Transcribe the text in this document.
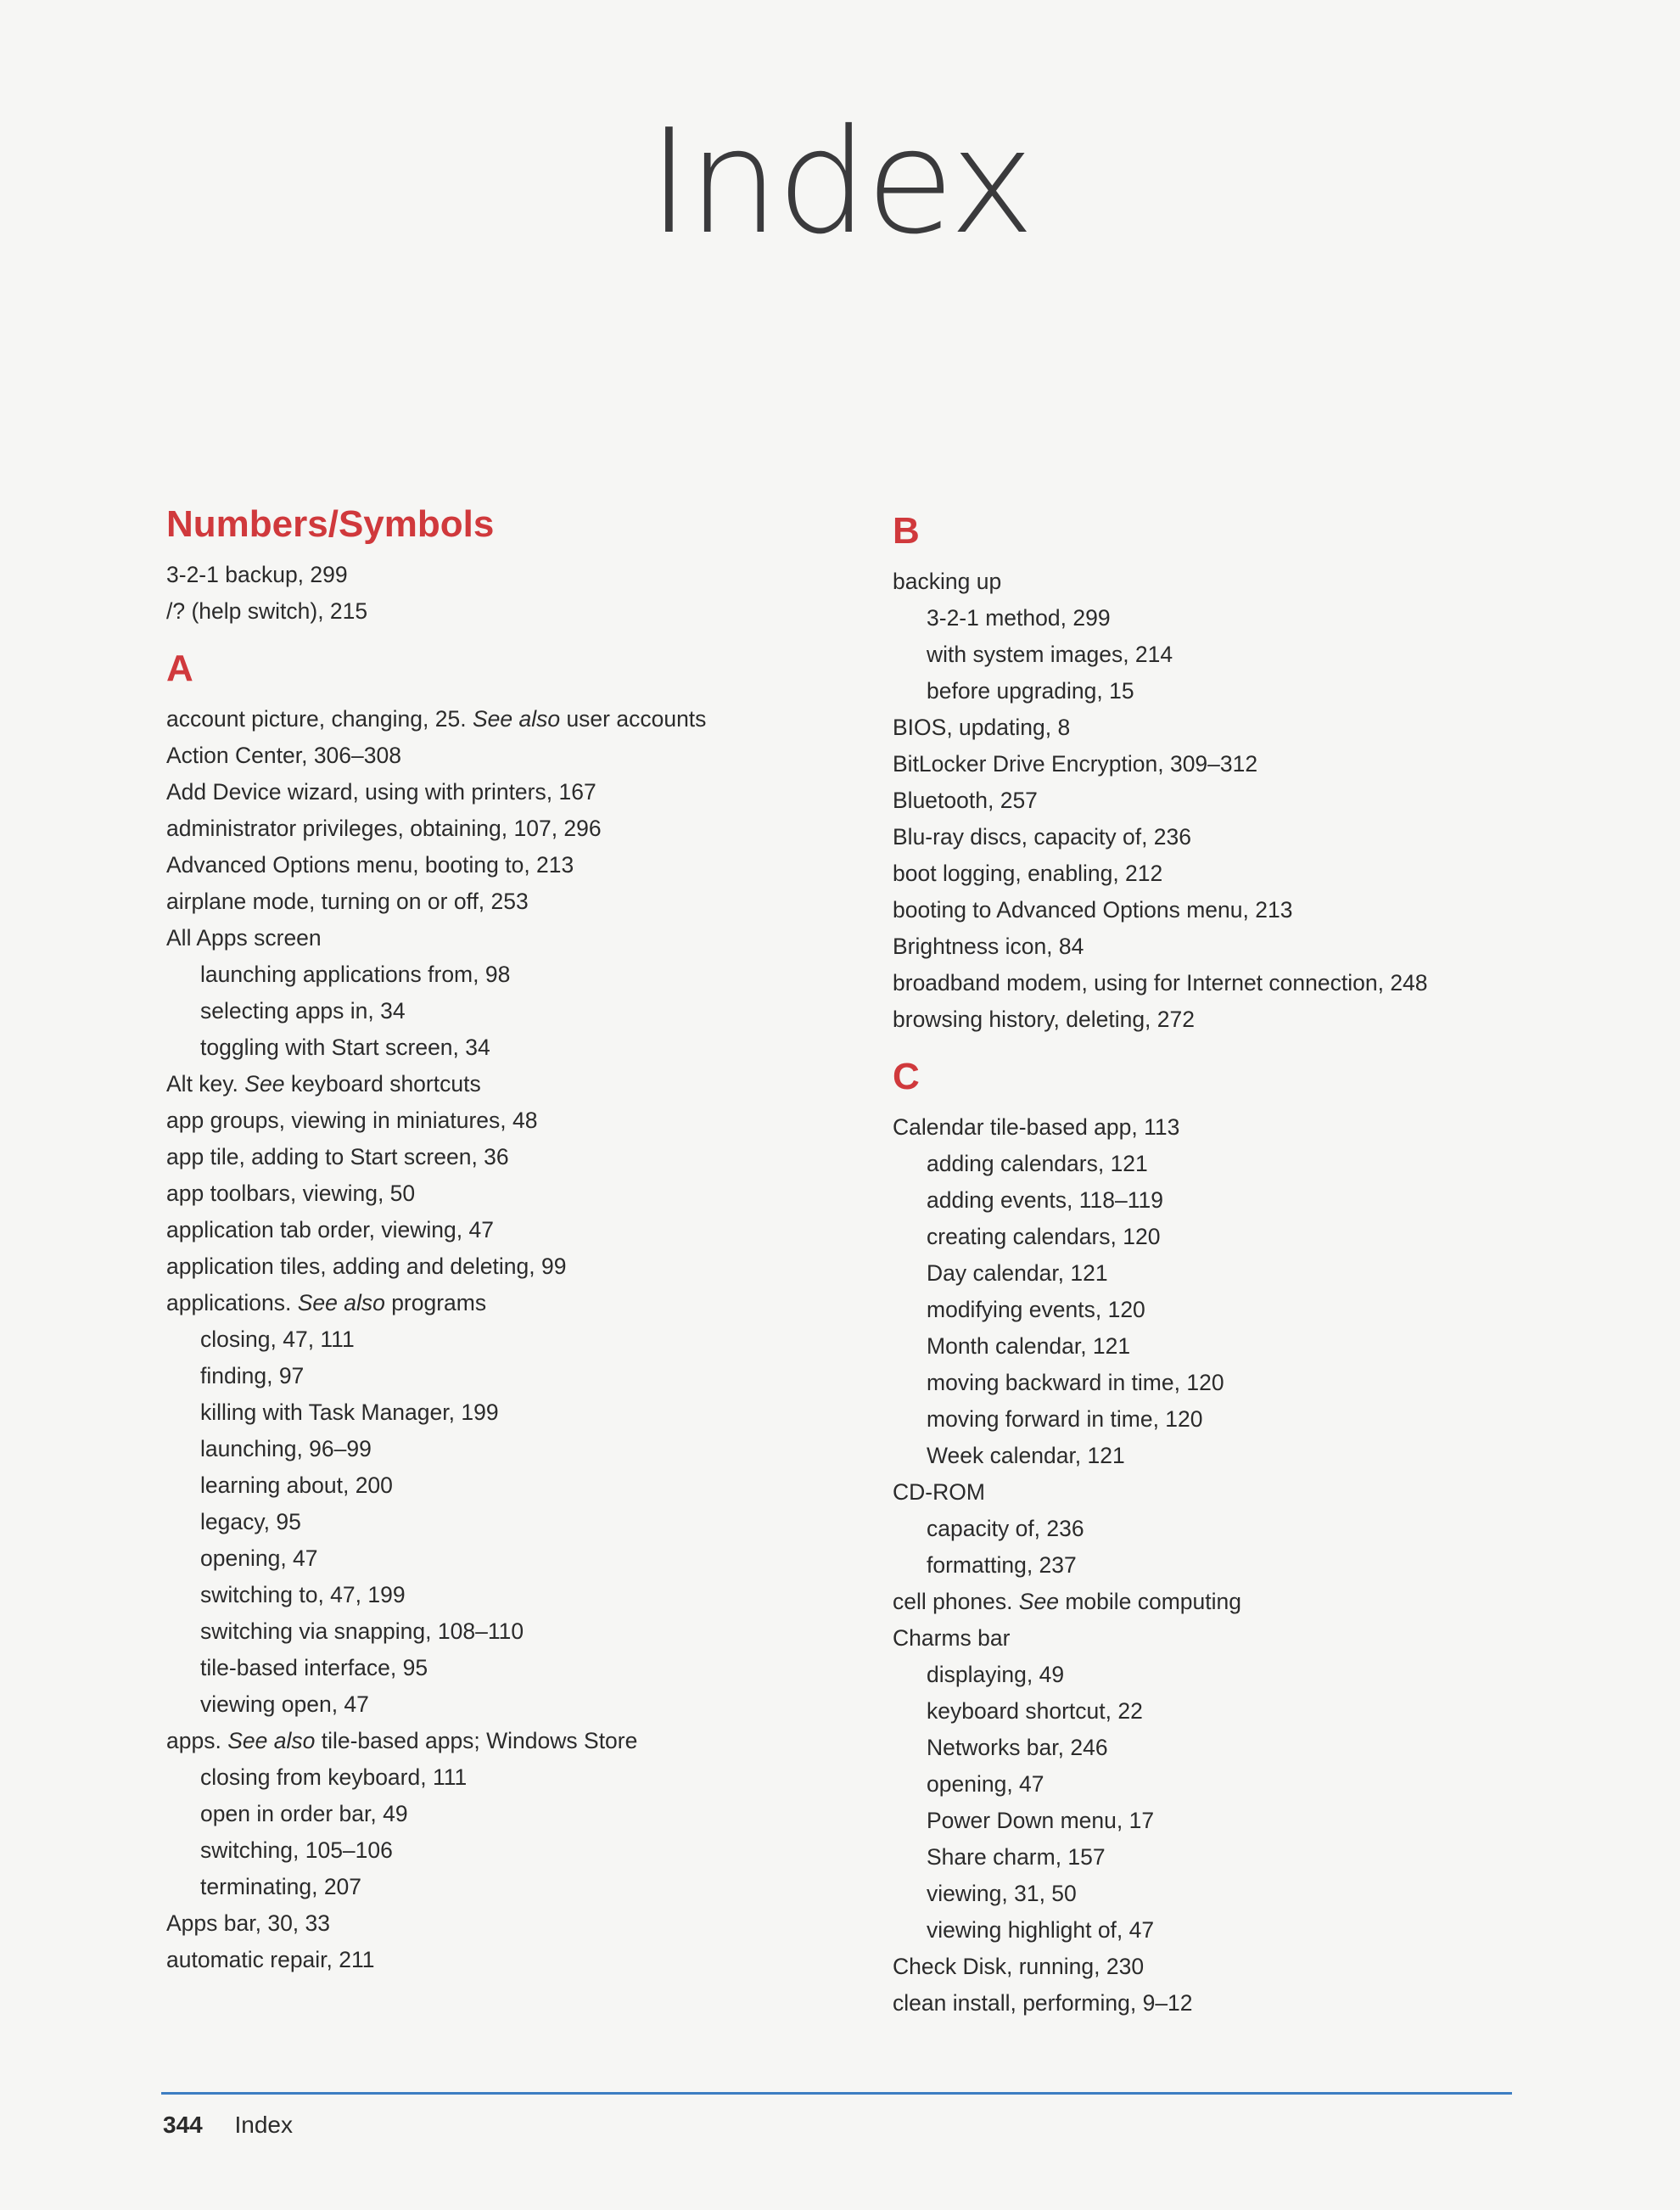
Index
Numbers/Symbols
3-2-1 backup, 299
/? (help switch), 215
A
account picture, changing, 25. See also user accounts
Action Center, 306–308
Add Device wizard, using with printers, 167
administrator privileges, obtaining, 107, 296
Advanced Options menu, booting to, 213
airplane mode, turning on or off, 253
All Apps screen
launching applications from, 98
selecting apps in, 34
toggling with Start screen, 34
Alt key. See keyboard shortcuts
app groups, viewing in miniatures, 48
app tile, adding to Start screen, 36
app toolbars, viewing, 50
application tab order, viewing, 47
application tiles, adding and deleting, 99
applications. See also programs
closing, 47, 111
finding, 97
killing with Task Manager, 199
launching, 96–99
learning about, 200
legacy, 95
opening, 47
switching to, 47, 199
switching via snapping, 108–110
tile-based interface, 95
viewing open, 47
apps. See also tile-based apps; Windows Store
closing from keyboard, 111
open in order bar, 49
switching, 105–106
terminating, 207
Apps bar, 30, 33
automatic repair, 211
B
backing up
3-2-1 method, 299
with system images, 214
before upgrading, 15
BIOS, updating, 8
BitLocker Drive Encryption, 309–312
Bluetooth, 257
Blu-ray discs, capacity of, 236
boot logging, enabling, 212
booting to Advanced Options menu, 213
Brightness icon, 84
broadband modem, using for Internet connection, 248
browsing history, deleting, 272
C
Calendar tile-based app, 113
adding calendars, 121
adding events, 118–119
creating calendars, 120
Day calendar, 121
modifying events, 120
Month calendar, 121
moving backward in time, 120
moving forward in time, 120
Week calendar, 121
CD-ROM
capacity of, 236
formatting, 237
cell phones. See mobile computing
Charms bar
displaying, 49
keyboard shortcut, 22
Networks bar, 246
opening, 47
Power Down menu, 17
Share charm, 157
viewing, 31, 50
viewing highlight of, 47
Check Disk, running, 230
clean install, performing, 9–12
344 Index
